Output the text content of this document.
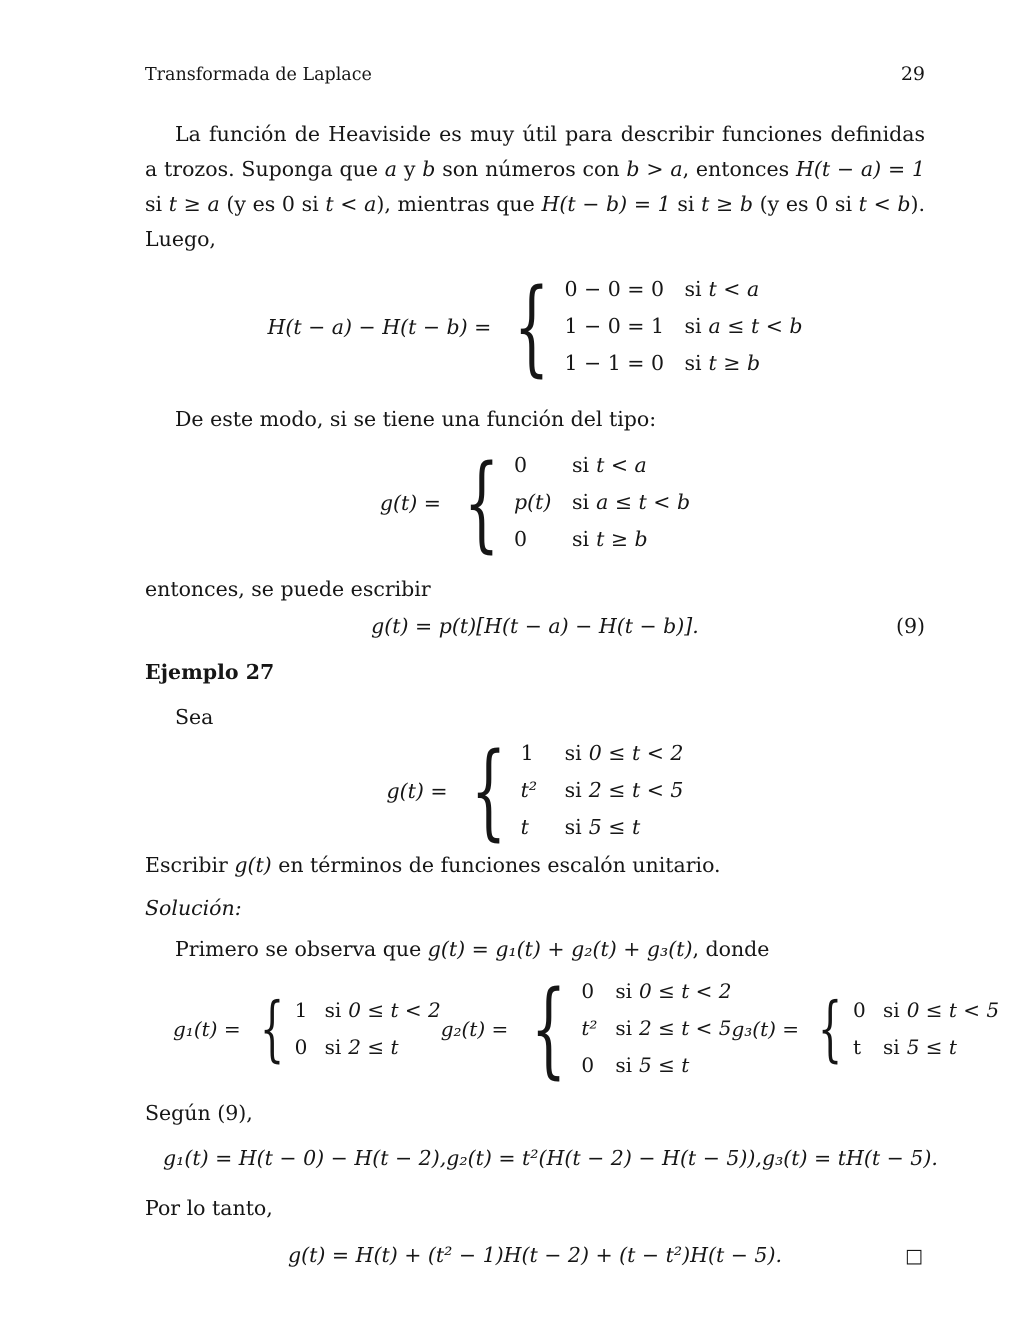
Transformada de Laplace	29

La función de Heaviside es muy útil para describir funciones definidas a trozos. Suponga que a y b son números con b > a, entonces H(t − a) = 1 si t ≥ a (y es 0 si t < a), mientras que H(t − b) = 1 si t ≥ b (y es 0 si t < b). Luego,

H(t − a) − H(t − b) = { 0 − 0 = 0 si t < a
1 − 0 = 1 si a ≤ t < b
1 − 1 = 0 si t ≥ b

De este modo, si se tiene una función del tipo:

g(t) = { 0	si t < a
p(t)	si a ≤ t < b
0	si t ≥ b

entonces, se puede escribir

g(t) = p(t)[H(t − a) − H(t − b)].	(9)

Ejemplo 27

Sea

g(t) = { 1	si 0 ≤ t < 2
t²	si 2 ≤ t < 5
t	si 5 ≤ t

Escribir g(t) en términos de funciones escalón unitario.

Solución:

Primero se observa que g(t) = g₁(t) + g₂(t) + g₃(t), donde

g₁(t) = { 1 si 0 ≤ t < 2
0 si 2 ≤ t
g₂(t) = { 0	si 0 ≤ t < 2
t² si 2 ≤ t < 5
0	si 5 ≤ t
g₃(t) = { 0 si 0 ≤ t < 5
t	si 5 ≤ t

Según (9),

g₁(t) = H(t − 0) − H(t − 2), g₂(t) = t²(H(t − 2) − H(t − 5)), g₃(t) = tH(t − 5).

Por lo tanto,

g(t) = H(t) + (t² − 1)H(t − 2) + (t − t²)H(t − 5).	□
